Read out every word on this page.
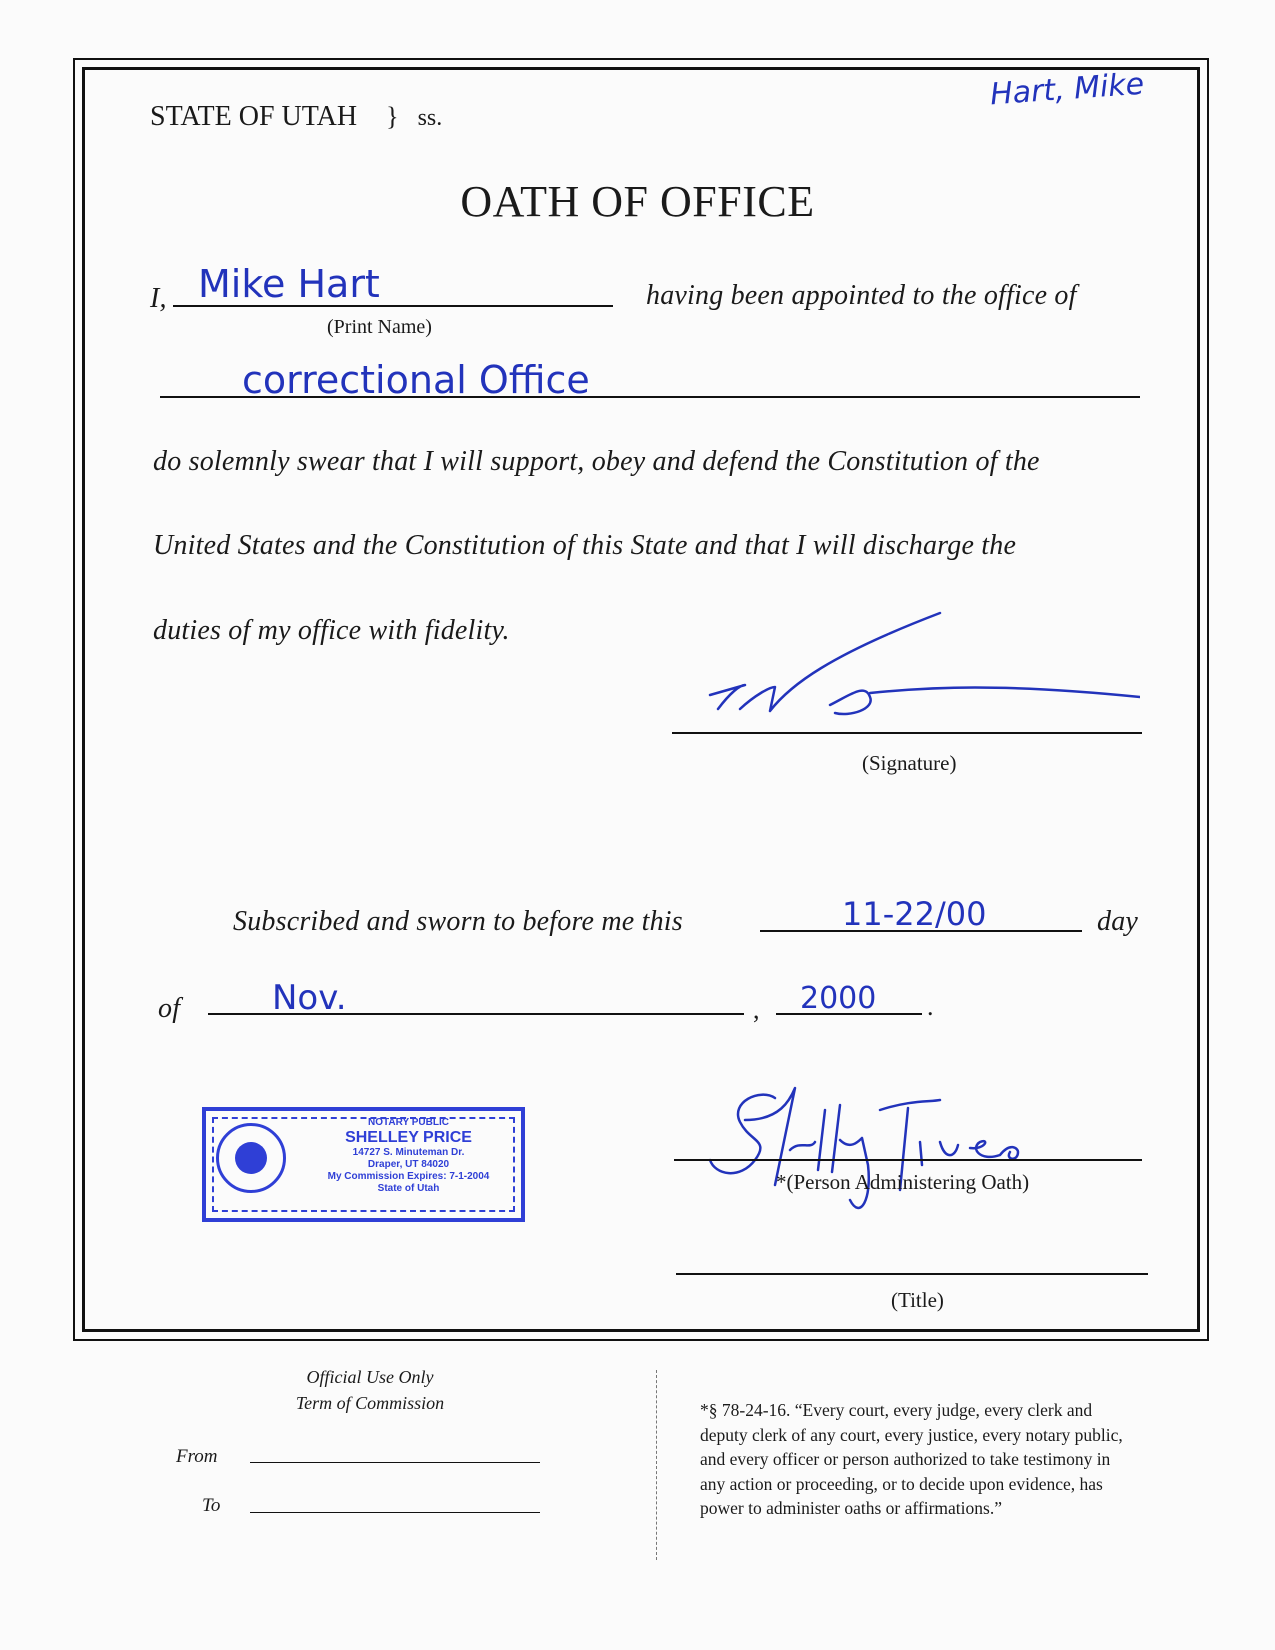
STATE OF UTAH } ss.
Hart, Mike
OATH OF OFFICE
I, Mike Hart
(Print Name)
having been appointed to the office of
correctional Office
do solemnly swear that I will support, obey and defend the Constitution of the
United States and the Constitution of this State and that I will discharge the
duties of my office with fidelity.
(Signature)
Subscribed and sworn to before me this	11-22/00	day
of	Nov.	, 2000 .
NOTARY PUBLIC
SHELLEY PRICE
14727 S. Minuteman Dr.
Draper, UT 84020
My Commission Expires: 7-1-2004
State of Utah	*(Person Administering Oath)
(Title)
Official Use Only
Term of Commission
From
To
*§ 78-24-16. “Every court, every judge, every clerk and
deputy clerk of any court, every justice, every notary public,
and every officer or person authorized to take testimony in
any action or proceeding, or to decide upon evidence, has
power to administer oaths or affirmations.”
